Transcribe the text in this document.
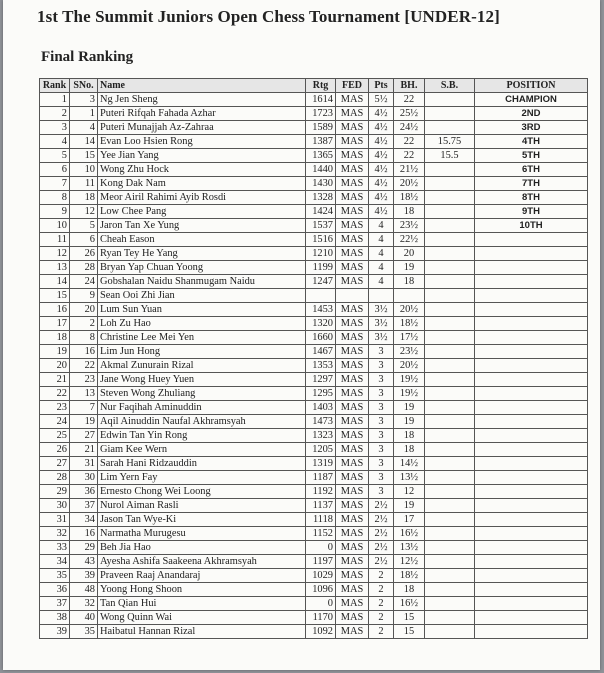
1st The Summit Juniors Open Chess Tournament [UNDER-12]
Final Ranking
Rank	SNo.	Name	Rtg	FED	Pts	BH.	S.B.	POSITION
1	3	Ng Jen Sheng	1614	MAS	5½	22		CHAMPION
2	1	Puteri Rifqah Fahada Azhar	1723	MAS	4½	25½		2ND
3	4	Puteri Munajjah Az-Zahraa	1589	MAS	4½	24½		3RD
4	14	Evan Loo Hsien Rong	1387	MAS	4½	22	15.75	4TH
5	15	Yee Jian Yang	1365	MAS	4½	22	15.5	5TH
6	10	Wong Zhu Hock	1440	MAS	4½	21½		6TH
7	11	Kong Dak Nam	1430	MAS	4½	20½		7TH
8	18	Meor Airil Rahimi Ayib Rosdi	1328	MAS	4½	18½		8TH
9	12	Low Chee Pang	1424	MAS	4½	18		9TH
10	5	Jaron Tan Xe Yung	1537	MAS	4	23½		10TH
11	6	Cheah Eason	1516	MAS	4	22½		
12	26	Ryan Tey He Yang	1210	MAS	4	20		
13	28	Bryan Yap Chuan Yoong	1199	MAS	4	19		
14	24	Gobshalan Naidu Shanmugam Naidu	1247	MAS	4	18		
15	9	Sean Ooi Zhi Jian						
16	20	Lum Sun Yuan	1453	MAS	3½	20½		
17	2	Loh Zu Hao	1320	MAS	3½	18½		
18	8	Christine Lee Mei Yen	1660	MAS	3½	17½		
19	16	Lim Jun Hong	1467	MAS	3	23½		
20	22	Akmal Zunurain Rizal	1353	MAS	3	20½		
21	23	Jane Wong Huey Yuen	1297	MAS	3	19½		
22	13	Steven Wong Zhuliang	1295	MAS	3	19½		
23	7	Nur Faqihah Aminuddin	1403	MAS	3	19		
24	19	Aqil Ainuddin Naufal Akhramsyah	1473	MAS	3	19		
25	27	Edwin Tan Yin Rong	1323	MAS	3	18		
26	21	Giam Kee Wern	1205	MAS	3	18		
27	31	Sarah Hani Ridzauddin	1319	MAS	3	14½		
28	30	Lim Yern Fay	1187	MAS	3	13½		
29	36	Ernesto Chong Wei Loong	1192	MAS	3	12		
30	37	Nurol Aiman Rasli	1137	MAS	2½	19		
31	34	Jason Tan Wye-Ki	1118	MAS	2½	17		
32	16	Narmatha Murugesu	1152	MAS	2½	16½		
33	29	Beh Jia Hao	0	MAS	2½	13½		
34	43	Ayesha Ashifa Saakeena Akhramsyah	1197	MAS	2½	12½		
35	39	Praveen Raaj Anandaraj	1029	MAS	2	18½		
36	48	Yoong Hong Shoon	1096	MAS	2	18		
37	32	Tan Qian Hui	0	MAS	2	16½		
38	40	Wong Quinn Wai	1170	MAS	2	15		
39	35	Haibatul Hannan Rizal	1092	MAS	2	15		
